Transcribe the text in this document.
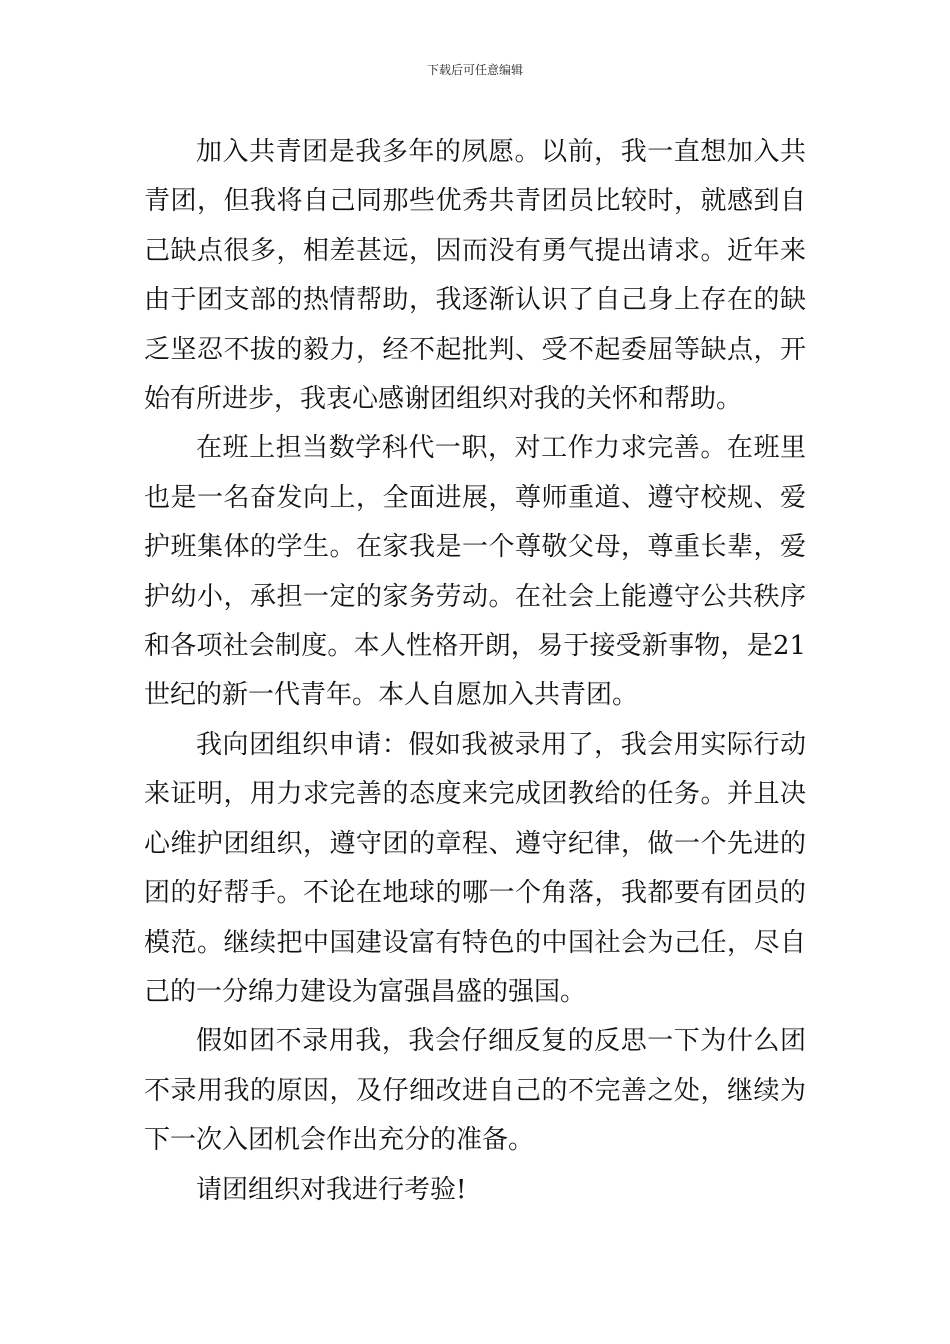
下载后可任意编辑

加入共青团是我多年的夙愿。以前，我一直想加入共青团，但我将自己同那些优秀共青团员比较时，就感到自己缺点很多，相差甚远，因而没有勇气提出请求。近年来由于团支部的热情帮助，我逐渐认识了自己身上存在的缺乏坚忍不拔的毅力，经不起批判、受不起委屈等缺点，开始有所进步，我衷心感谢团组织对我的关怀和帮助。

在班上担当数学科代一职，对工作力求完善。在班里也是一名奋发向上，全面进展，尊师重道、遵守校规、爱护班集体的学生。在家我是一个尊敬父母，尊重长辈，爱护幼小，承担一定的家务劳动。在社会上能遵守公共秩序和各项社会制度。本人性格开朗，易于接受新事物，是21世纪的新一代青年。本人自愿加入共青团。

我向团组织申请：假如我被录用了，我会用实际行动来证明，用力求完善的态度来完成团教给的任务。并且决心维护团组织，遵守团的章程、遵守纪律，做一个先进的团的好帮手。不论在地球的哪一个角落，我都要有团员的模范。继续把中国建设富有特色的中国社会为己任，尽自己的一分绵力建设为富强昌盛的强国。

假如团不录用我，我会仔细反复的反思一下为什么团不录用我的原因，及仔细改进自己的不完善之处，继续为下一次入团机会作出充分的准备。

请团组织对我进行考验!
